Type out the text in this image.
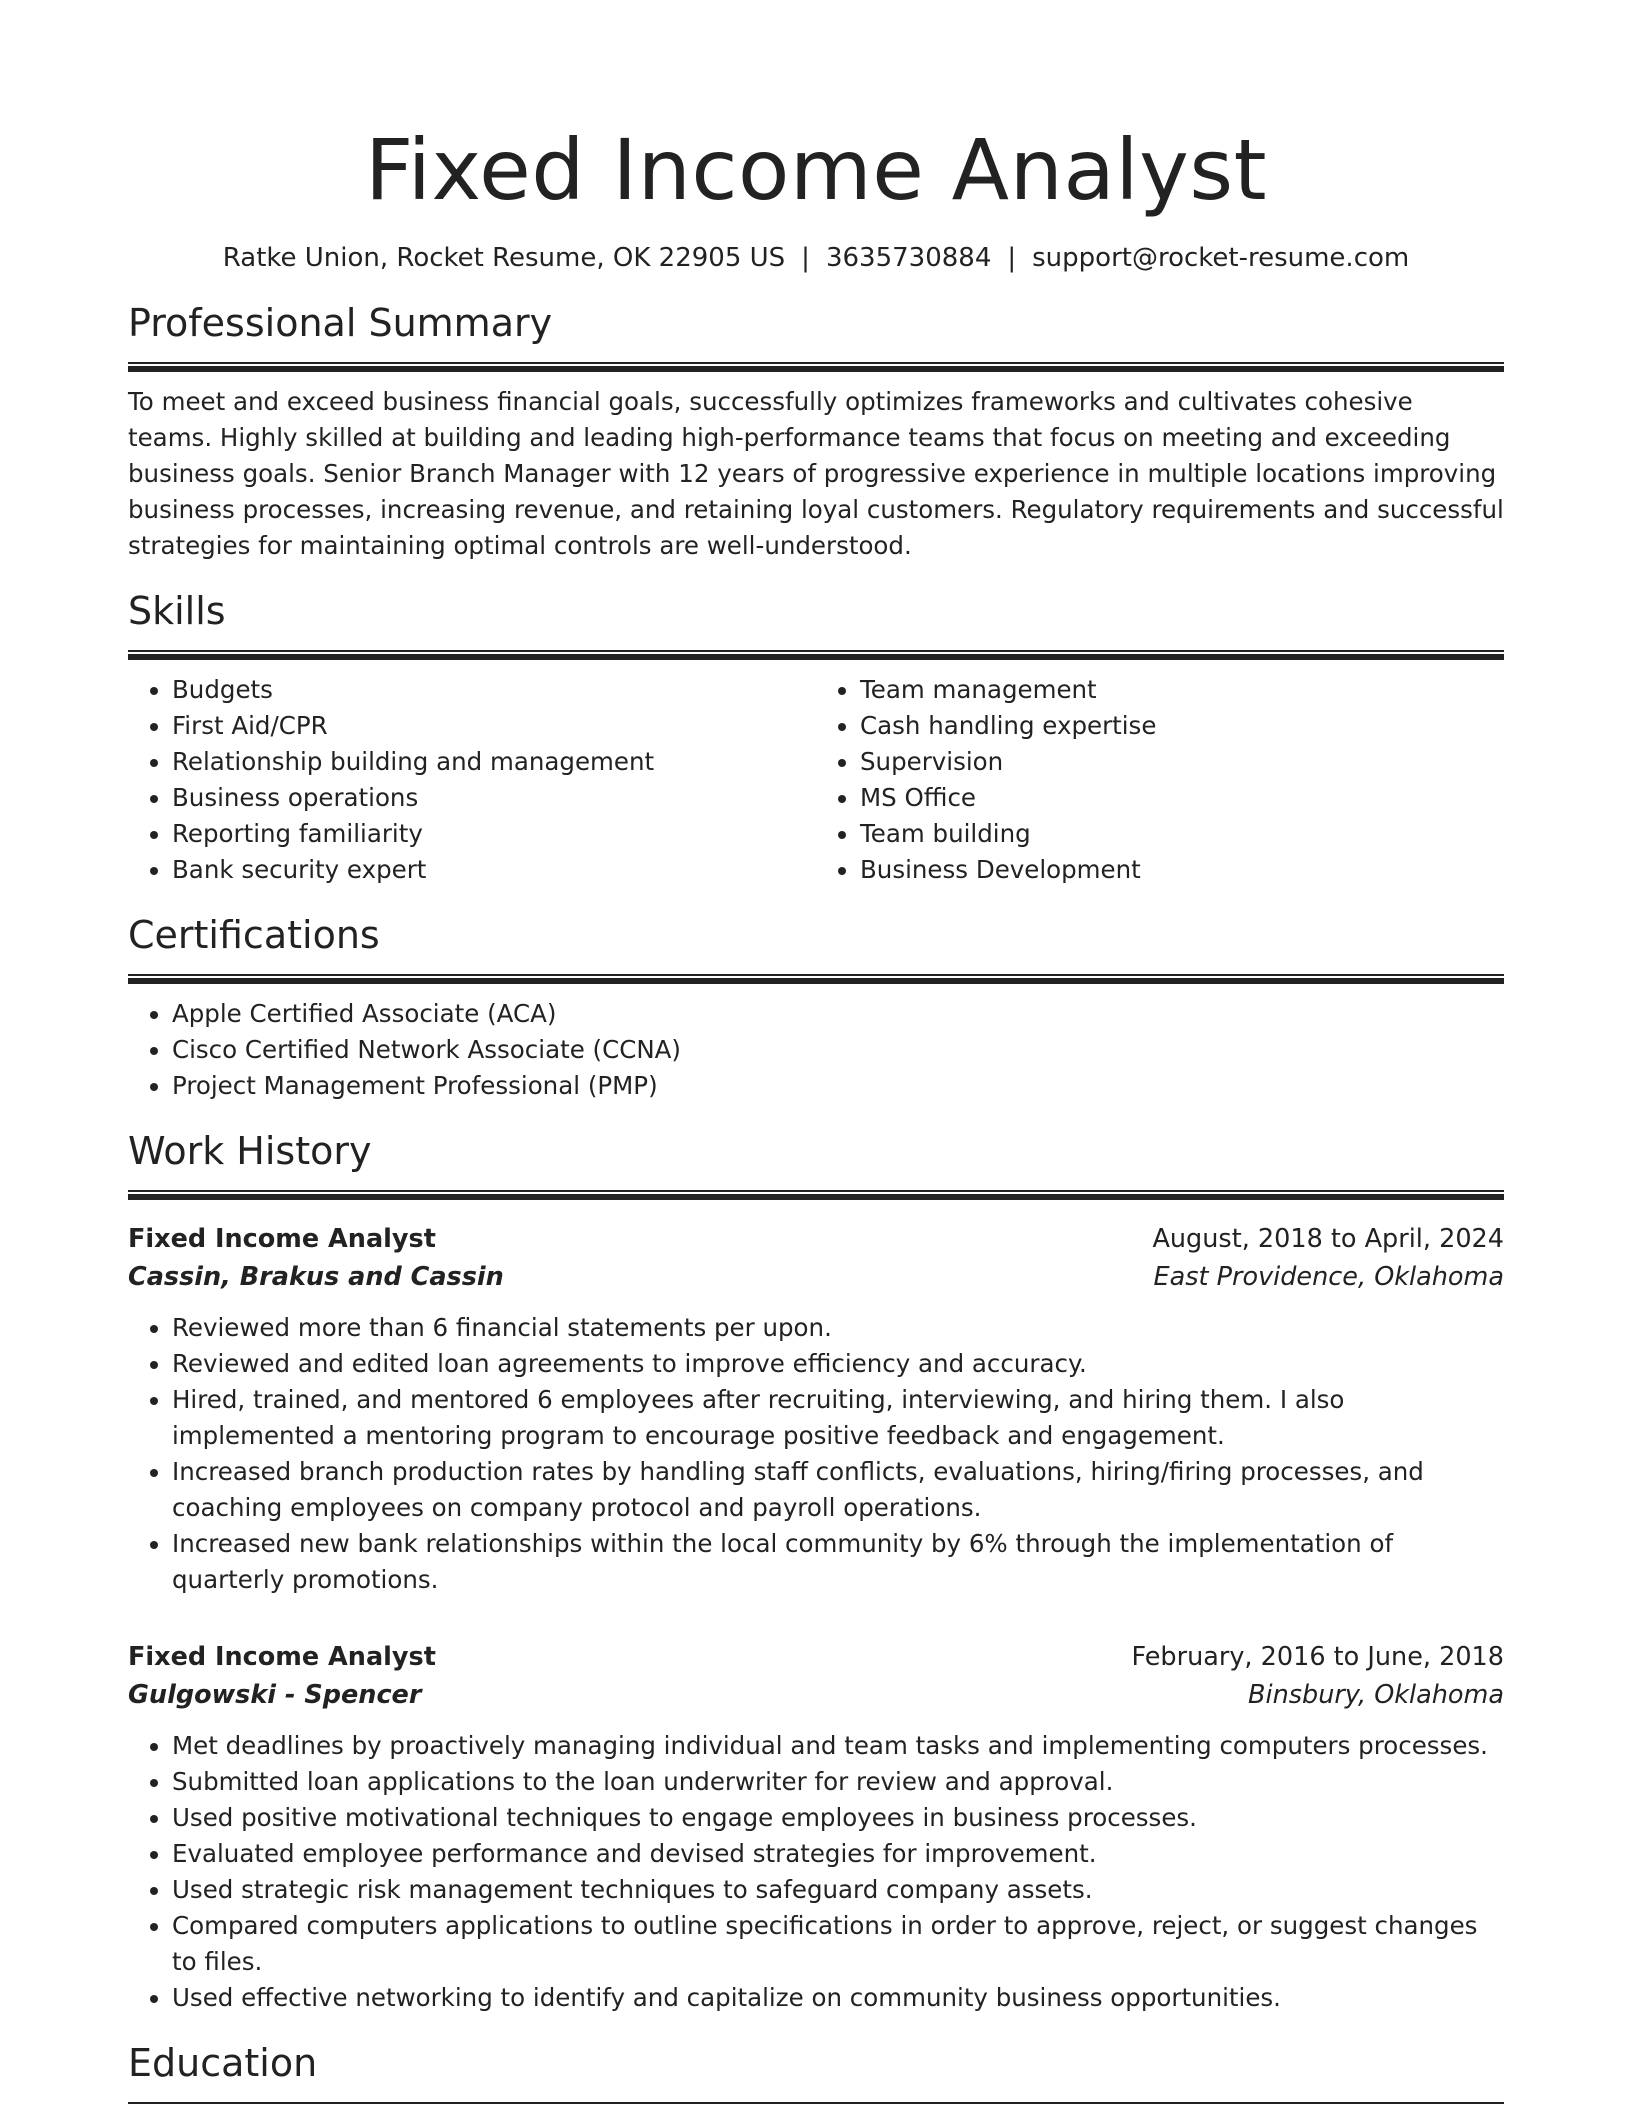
Fixed Income Analyst
Ratke Union, Rocket Resume, OK 22905 US | 3635730884 | support@rocket-resume.com
Professional Summary

To meet and exceed business financial goals, successfully optimizes frameworks and cultivates cohesive teams. Highly skilled at building and leading high-performance teams that focus on meeting and exceeding business goals. Senior Branch Manager with 12 years of progressive experience in multiple locations improving business processes, increasing revenue, and retaining loyal customers. Regulatory requirements and successful strategies for maintaining optimal controls are well-understood.

Skills
• Budgets
• First Aid/CPR
• Relationship building and management
• Business operations
• Reporting familiarity
• Bank security expert
• Team management
• Cash handling expertise
• Supervision
• MS Office
• Team building
• Business Development
Certifications
• Apple Certified Associate (ACA)
• Cisco Certified Network Associate (CCNA)
• Project Management Professional (PMP)
Work History
Fixed Income Analyst	August, 2018 to April, 2024
Cassin, Brakus and Cassin	East Providence, Oklahoma
• Reviewed more than 6 financial statements per upon.
• Reviewed and edited loan agreements to improve efficiency and accuracy.
• Hired, trained, and mentored 6 employees after recruiting, interviewing, and hiring them. I also implemented a mentoring program to encourage positive feedback and engagement.
• Increased branch production rates by handling staff conflicts, evaluations, hiring/firing processes, and coaching employees on company protocol and payroll operations.
• Increased new bank relationships within the local community by 6% through the implementation of quarterly promotions.
Fixed Income Analyst	February, 2016 to June, 2018
Gulgowski - Spencer	Binsbury, Oklahoma
• Met deadlines by proactively managing individual and team tasks and implementing computers processes.
• Submitted loan applications to the loan underwriter for review and approval.
• Used positive motivational techniques to engage employees in business processes.
• Evaluated employee performance and devised strategies for improvement.
• Used strategic risk management techniques to safeguard company assets.
• Compared computers applications to outline specifications in order to approve, reject, or suggest changes to files.
• Used effective networking to identify and capitalize on community business opportunities.
Education
